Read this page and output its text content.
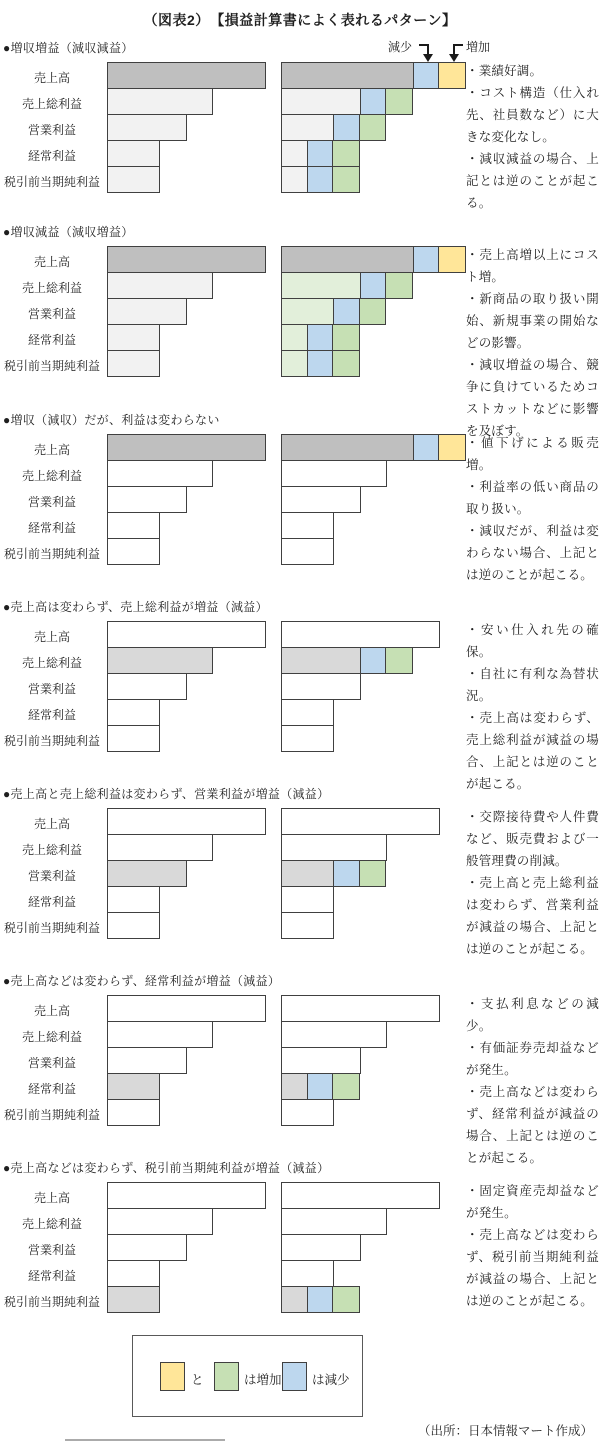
（図表2）　【損益計算書によく表れるパターン】
減少	増加
●増収増益（減収減益）
売上高
売上総利益
営業利益
経常利益
税引前当期純利益
・業績好調。
・コスト構造（仕入れ先、社員数など）に大きな変化なし。
・減収減益の場合、上記とは逆のことが起こる。
●増収減益（減収増益）
売上高
売上総利益
営業利益
経常利益
税引前当期純利益
・売上高増以上にコスト増。
・新商品の取り扱い開始、新規事業の開始などの影響。
・減収増益の場合、競争に負けているためコストカットなどに影響を及ぼす。
●増収（減収）だが、利益は変わらない
売上高
売上総利益
営業利益
経常利益
税引前当期純利益
・値下げによる販売増。
・利益率の低い商品の取り扱い。
・減収だが、利益は変わらない場合、上記とは逆のことが起こる。
●売上高は変わらず、売上総利益が増益（減益）
売上高
売上総利益
営業利益
経常利益
税引前当期純利益
・安い仕入れ先の確保。
・自社に有利な為替状況。
・売上高は変わらず、売上総利益が減益の場合、上記とは逆のことが起こる。
●売上高と売上総利益は変わらず、営業利益が増益（減益）
売上高
売上総利益
営業利益
経常利益
税引前当期純利益
・交際接待費や人件費など、販売費および一般管理費の削減。
・売上高と売上総利益は変わらず、営業利益が減益の場合、上記とは逆のことが起こる。
●売上高などは変わらず、経常利益が増益（減益）
売上高
売上総利益
営業利益
経常利益
税引前当期純利益
・支払利息などの減少。
・有価証券売却益などが発生。
・売上高などは変わらず、経常利益が減益の場合、上記とは逆のことが起こる。
●売上高などは変わらず、税引前当期純利益が増益（減益）
売上高
売上総利益
営業利益
経常利益
税引前当期純利益
・固定資産売却益などが発生。
・売上高などは変わらず、税引前当期純利益が減益の場合、上記とは逆のことが起こる。
と	は増加 は減少
（出所：日本情報マート作成）
